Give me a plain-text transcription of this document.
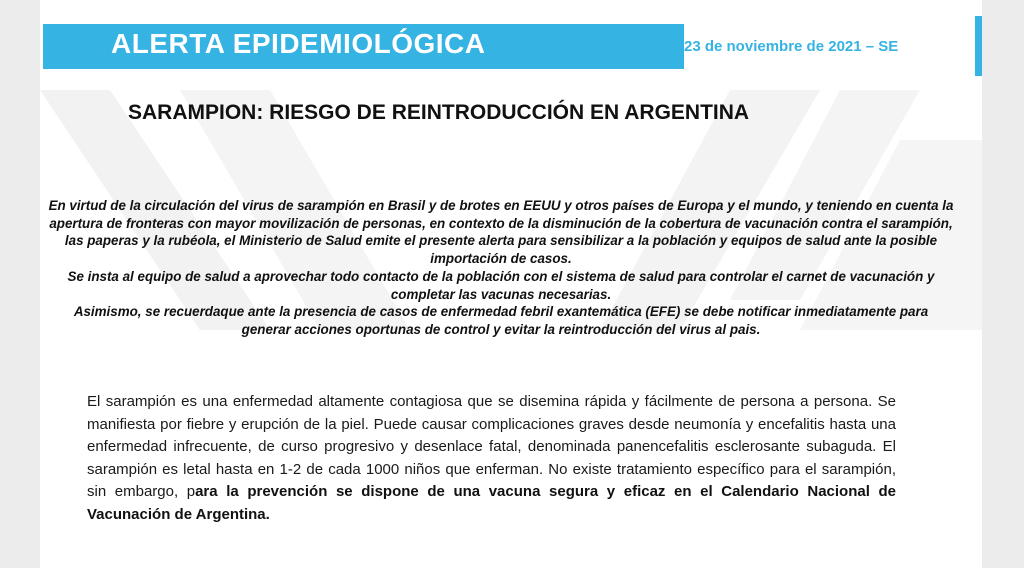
ALERTA EPIDEMIOLÓGICA	23 de noviembre de 2021 – SE
SARAMPION: RIESGO DE REINTRODUCCIÓN EN ARGENTINA

En virtud de la circulación del virus de sarampión en Brasil y de brotes en EEUU y otros países de Europa y el mundo, y teniendo en cuenta la apertura de fronteras con mayor movilización de personas, en contexto de la disminución de la cobertura de vacunación contra el sarampión, las paperas y la rubéola, el Ministerio de Salud emite el presente alerta para sensibilizar a la población y equipos de salud ante la posible importación de casos.

Se insta al equipo de salud a aprovechar todo contacto de la población con el sistema de salud para controlar el carnet de vacunación y completar las vacunas necesarias.

Asimismo, se recuerdaque ante la presencia de casos de enfermedad febril exantemática (EFE) se debe notificar inmediatamente para generar acciones oportunas de control y evitar la reintroducción del virus al pais.

El sarampión es una enfermedad altamente contagiosa que se disemina rápida y fácilmente de persona a persona. Se manifiesta por fiebre y erupción de la piel. Puede causar complicaciones graves desde neumonía y encefalitis hasta una enfermedad infrecuente, de curso progresivo y desenlace fatal, denominada panencefalitis esclerosante subaguda. El sarampión es letal hasta en 1-2 de cada 1000 niños que enferman. No existe tratamiento específico para el sarampión, sin embargo, para la prevención se dispone de una vacuna segura y eficaz en el Calendario Nacional de Vacunación de Argentina.
